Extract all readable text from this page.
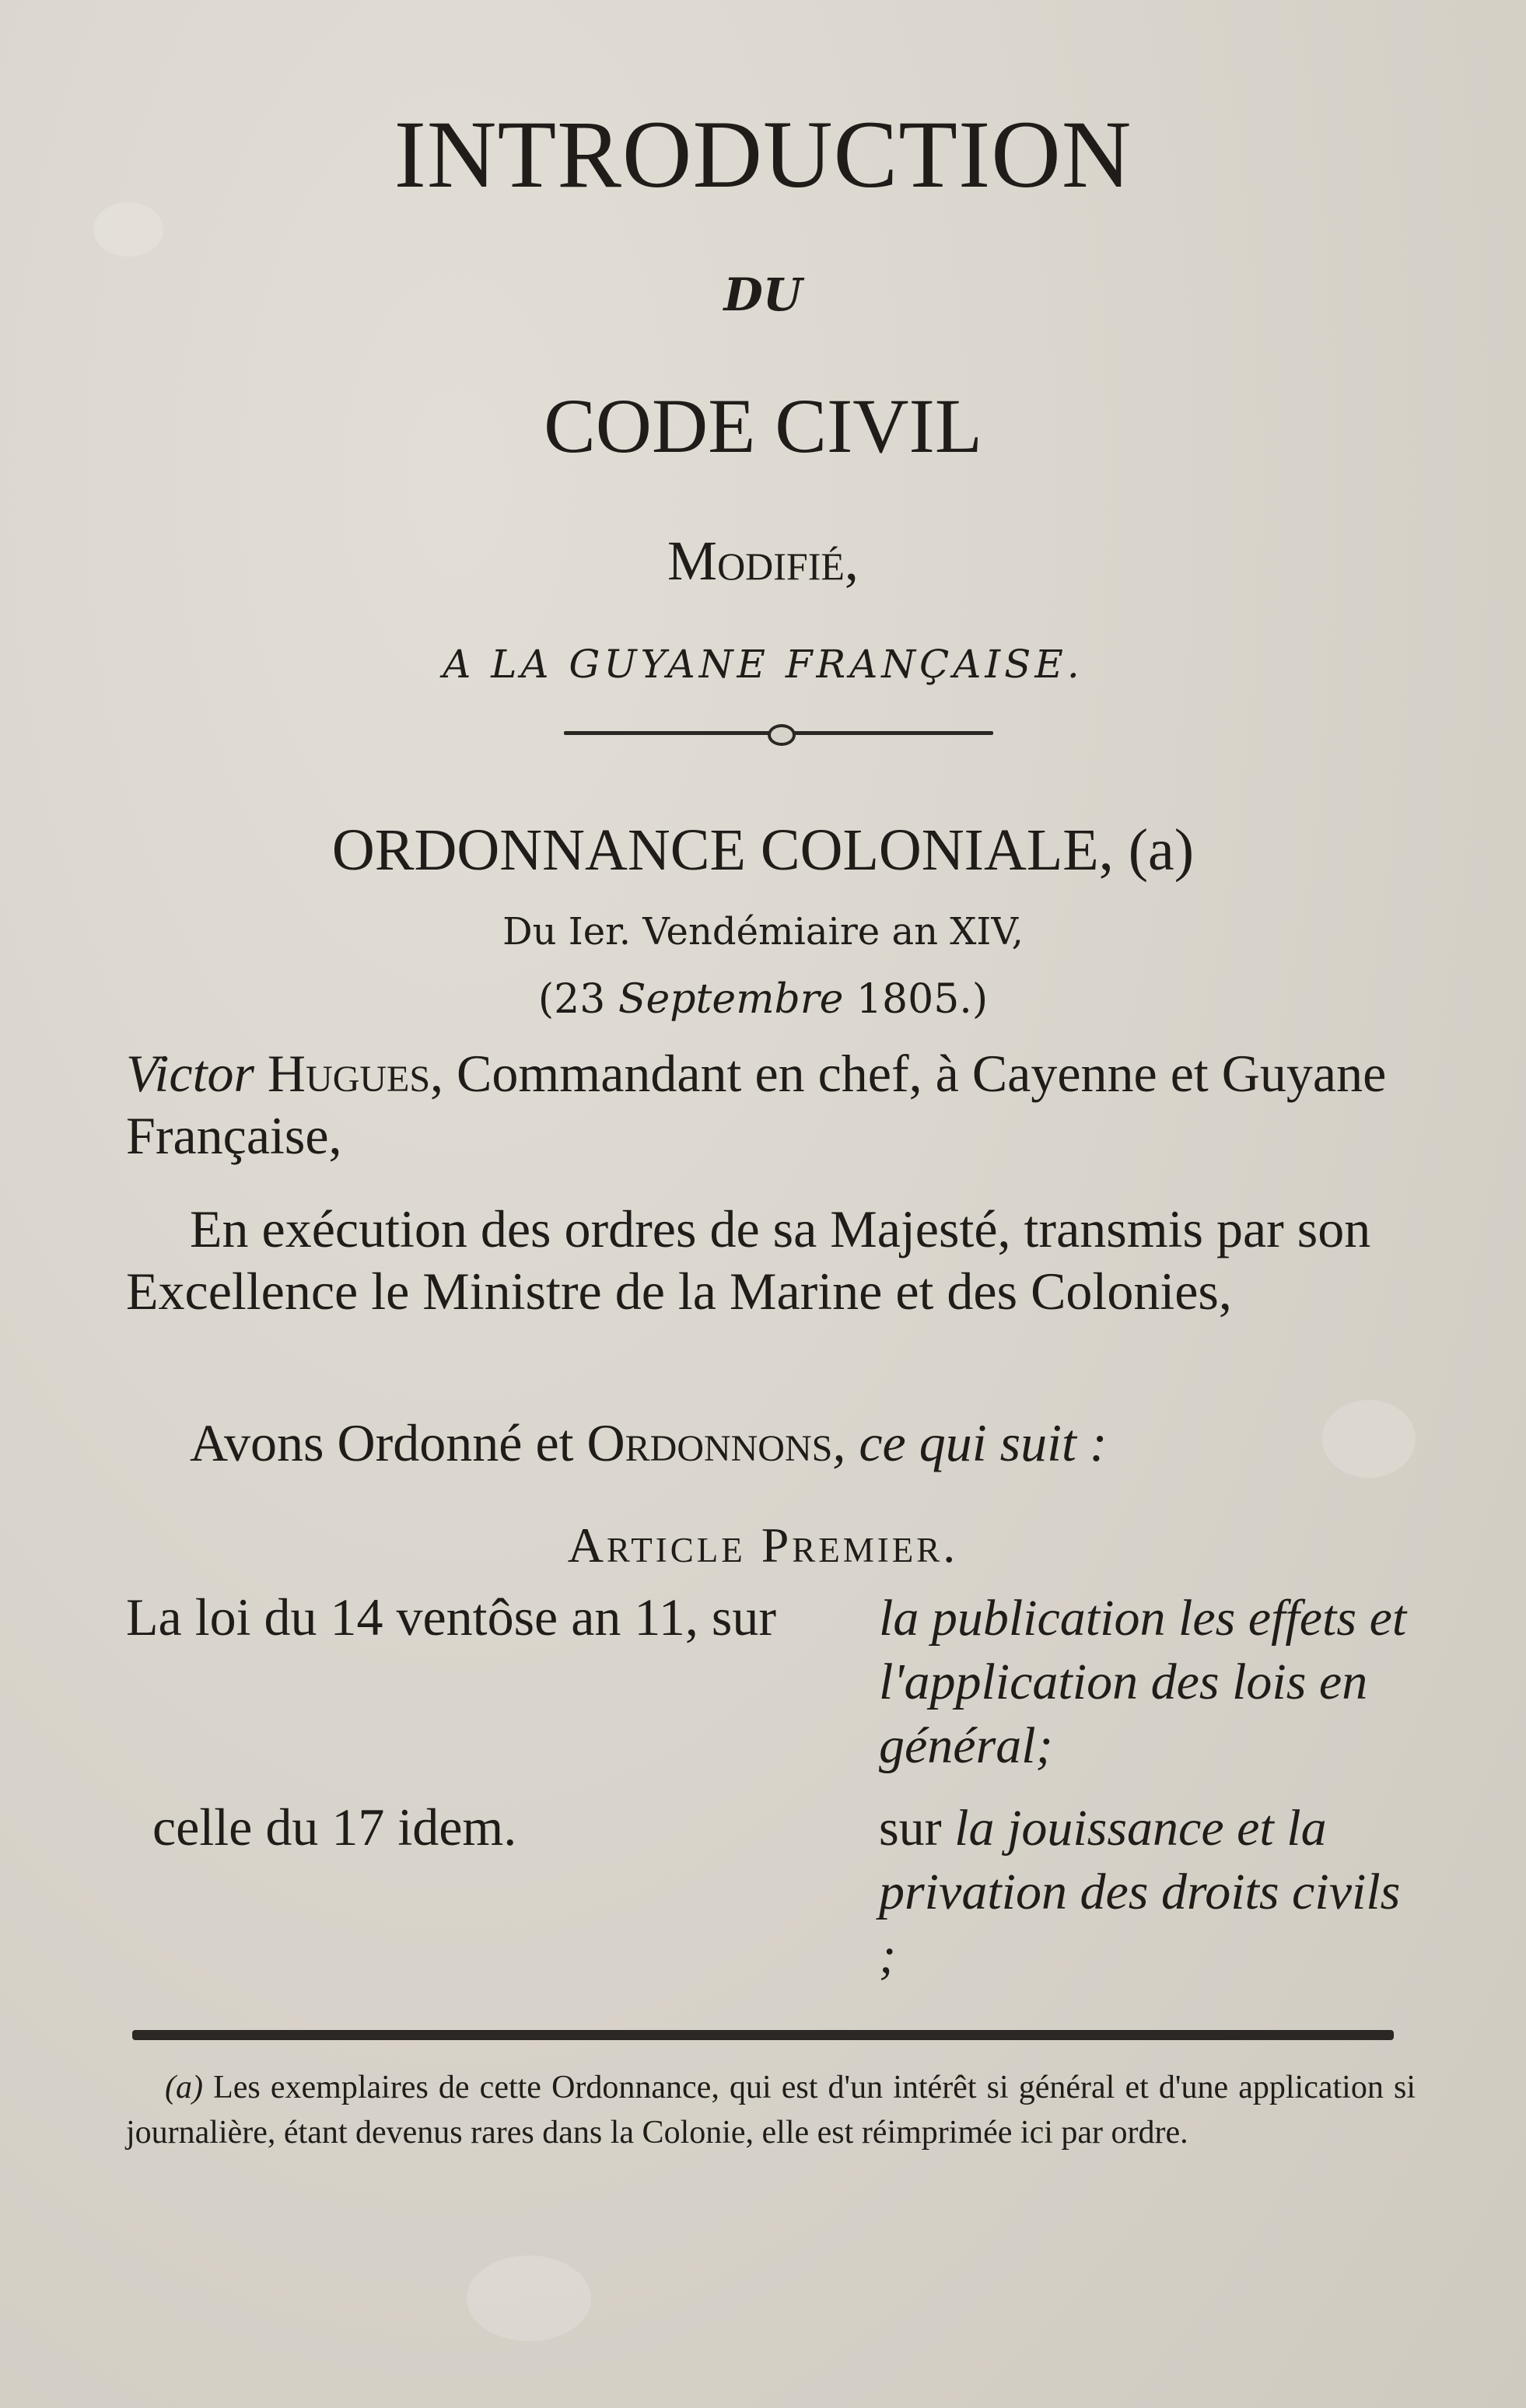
INTRODUCTION
DU
CODE CIVIL
Modifié,
A LA GUYANE FRANÇAISE.
ORDONNANCE COLONIALE, (a)
Du Ier. Vendémiaire an XIV,
(23 Septembre 1805.)
Victor Hugues, Commandant en chef, à Cayenne et Guyane Française,
En exécution des ordres de sa Majesté, transmis par son Excellence le Ministre de la Marine et des Colonies,
Avons Ordonné et Ordonnons, ce qui suit :
Article Premier.
La loi du 14 ventôse an 11, sur la publication les effets et l'application des lois en général;
celle du 17 idem.	sur la jouissance et la privation des droits civils ;
(a) Les exemplaires de cette Ordonnance, qui est d'un intérêt si général et d'une application si journalière, étant devenus rares dans la Colonie, elle est réimprimée ici par ordre.
